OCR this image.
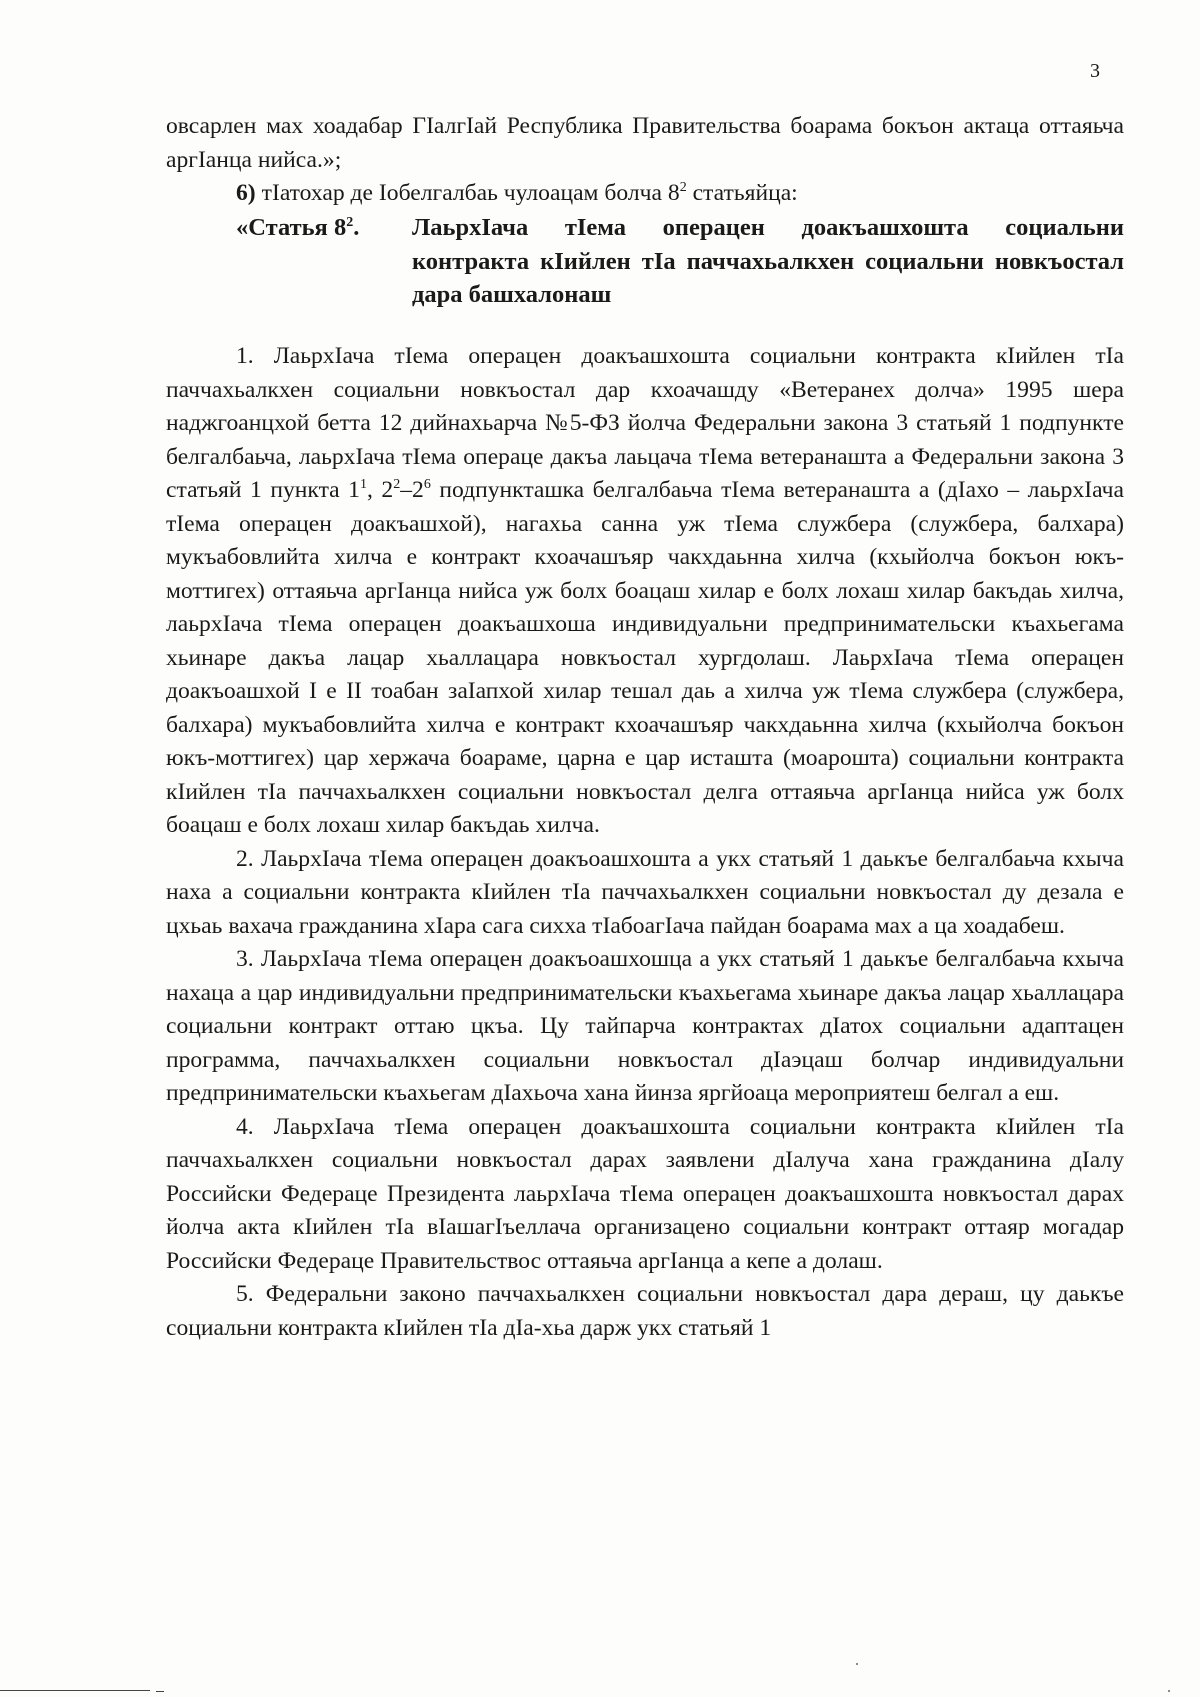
3

овсарлен мах хоадабар ГIалгIай Республика Правительства боарама бокъон актаца оттаяьча аргIанца нийса.»;

6) тIатохар де Iобелгалбаь чулоацам болча $8^2$ статьяйца:

«Статья $8^2$. ЛаьрхIача тIема операцен доакъашхошта социальни контракта кIийлен тIа паччахьалкхен социальни новкъостал дара башхалонаш

1. ЛаьрхIача тIема операцен доакъашхошта социальни контракта кIийлен тIа паччахьалкхен социальни новкъостал дар кхоачашду «Ветеранех долча» 1995 шера наджгоанцхой бетта 12 дийнахьарча №5-ФЗ йолча Федеральни закона 3 статьяй 1 подпункте белгалбаьча, лаьрхIача тIема операце дакъа лаьцача тIема ветеранашта а Федеральни закона 3 статьяй 1 пункта $1^1$, $2^2-2^6$ подпункташка белгалбаьча тIема ветеранашта а (дIахо – лаьрхIача тIема операцен доакъашхой), нагахьа санна уж тIема службера (службера, балхара) мукъабовлийта хилча е контракт кхоачашъяр чакхдаьнна хилча (кхыйолча бокъон юкъ-моттигех) оттаяьча аргIанца нийса уж болх боацаш хилар е болх лохаш хилар бакъдаь хилча, лаьрхIача тIема операцен доакъашхоша индивидуальни предпринимательски къахьегама хьинаре дакъа лацар хьаллацара новкъостал хургдолаш. ЛаьрхIача тIема операцен доакъоашхой I е II тоабан заIапхой хилар тешал даь а хилча уж тIема службера (службера, балхара) мукъабовлийта хилча е контракт кхоачашъяр чакхдаьнна хилча (кхыйолча бокъон юкъ-моттигех) цар хержача боараме, царна е цар исташта (моарошта) социальни контракта кIийлен тIа паччахьалкхен социальни новкъостал делга оттаяьча аргIанца нийса уж болх боацаш е болх лохаш хилар бакъдаь хилча.

2. ЛаьрхIача тIема операцен доакъоашхошта а укх статьяй 1 даькъе белгалбаьча кхыча наха а социальни контракта кIийлен тIа паччахьалкхен социальни новкъостал ду дезала е цхьаь вахача гражданина хIара сага сихха тIабоагIача пайдан боарама мах а ца хоадабеш.

3. ЛаьрхIача тIема операцен доакъоашхошца а укх статьяй 1 даькъе белгалбаьча кхыча нахаца а цар индивидуальни предпринимательски къахьегама хьинаре дакъа лацар хьаллацара социальни контракт оттаю цкъа. Цу тайпарча контрактах дIатох социальни адаптацен программа, паччахьалкхен социальни новкъостал дIаэцаш болчар индивидуальни предпринимательски къахьегам дIахьоча хана йинза яргйоаца мероприятеш белгал а еш.

4. ЛаьрхIача тIема операцен доакъашхошта социальни контракта кIийлен тIа паччахьалкхен социальни новкъостал дарах заявлени дIалуча хана гражданина дIалу Российски Федераце Президента лаьрхIача тIема операцен доакъашхошта новкъостал дарах йолча акта кIийлен тIа вIашагIъеллача организацено социальни контракт оттаяр могадар Российски Федераце Правительствос оттаяьча аргIанца а кепе а долаш.

5. Федеральни законо паччахьалкхен социальни новкъостал дара дераш, цу даькъе социальни контракта кIийлен тIа дIа-хьа дарж укх статьяй 1
